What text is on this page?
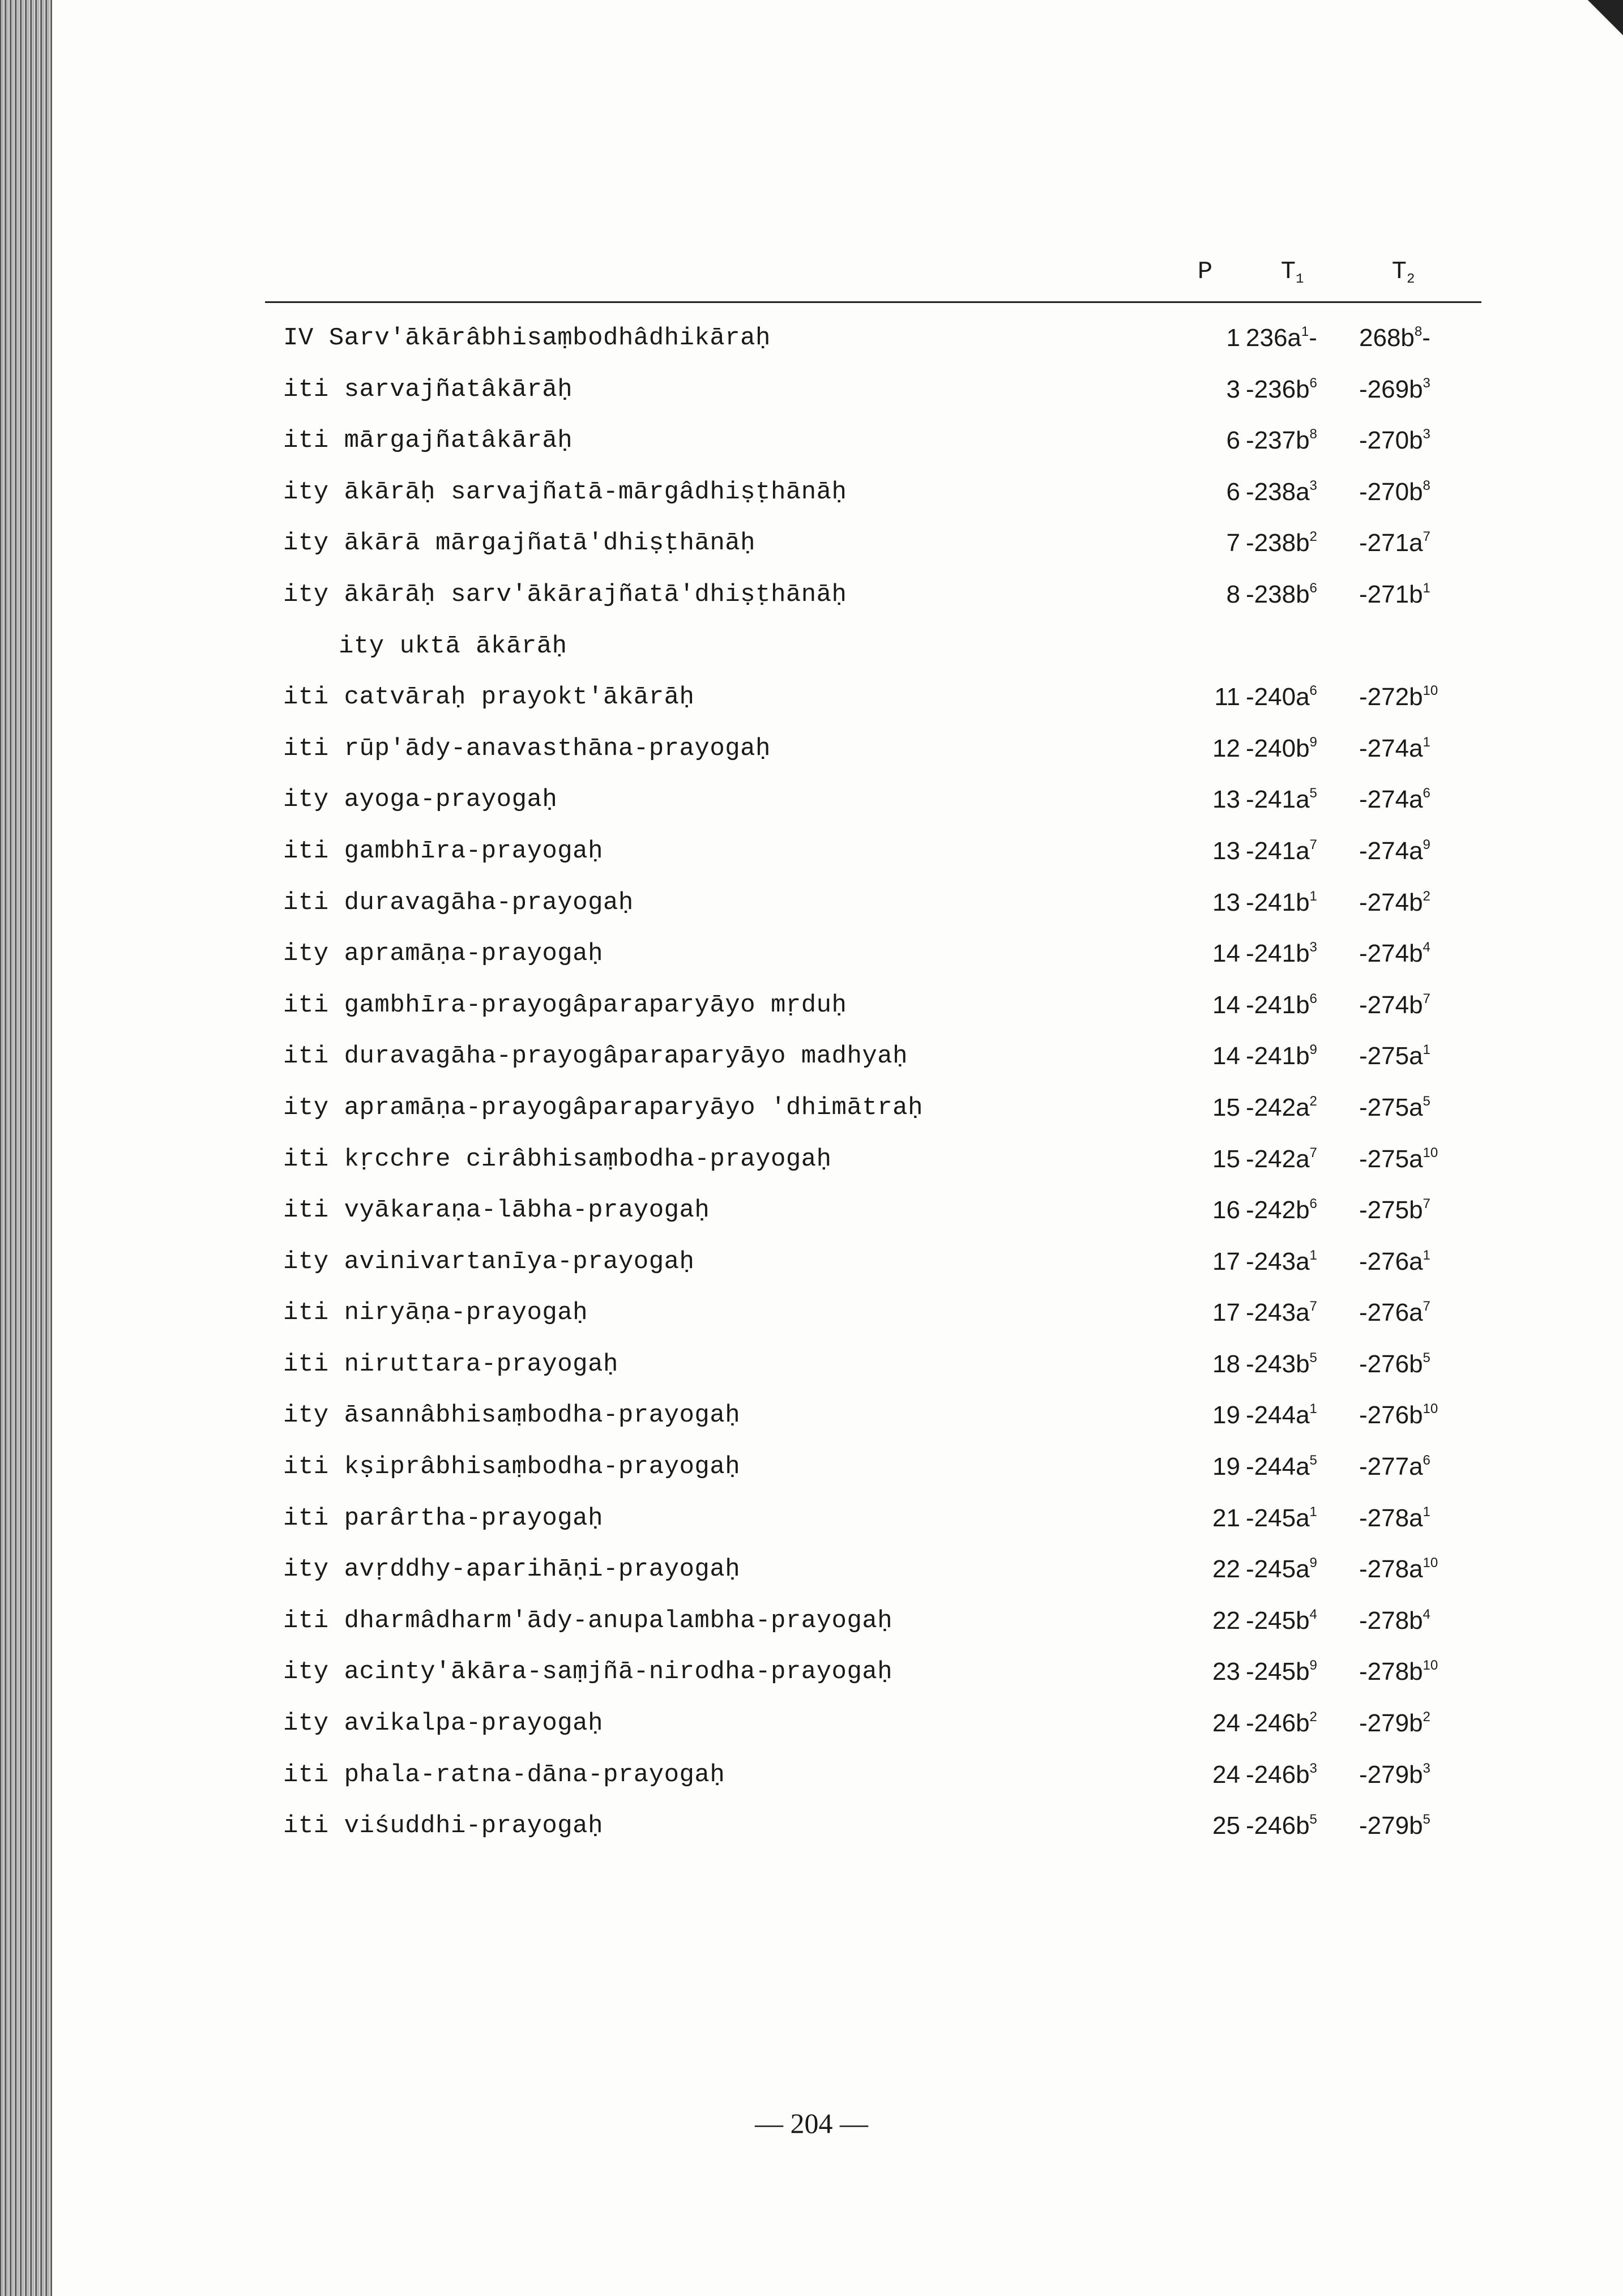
P	$T_1$	$T_2$
IV Sarv'ākārâbhisaṃbodhâdhikāraḥ	1 $236a^1-$	$268b^8-$
iti sarvajñatâkārāḥ	3 $-236b^6$	$-269b^3$
iti mārgajñatâkārāḥ	6 $-237b^8$	$-270b^3$
ity ākārāḥ sarvajñatā-mārgâdhiṣṭhānāḥ	6 $-238a^3$	$-270b^8$
ity ākārā mārgajñatā'dhiṣṭhānāḥ	7 $-238b^2$	$-271a^7$
ity ākārāḥ sarv'ākārajñatā'dhiṣṭhānāḥ	8 $-238b^6$	$-271b^1$
ity uktā ākārāḥ
iti catvāraḥ prayokt'ākārāḥ	11 $-240a^6$	$-272b^{10}$
iti rūp'ādy-anavasthāna-prayogaḥ	12 $-240b^9$	$-274a^1$
ity ayoga-prayogaḥ	13 $-241a^5$	$-274a^6$
iti gambhīra-prayogaḥ	13 $-241a^7$	$-274a^9$
iti duravagāha-prayogaḥ	13 $-241b^1$	$-274b^2$
ity apramāṇa-prayogaḥ	14 $-241b^3$	$-274b^4$
iti gambhīra-prayogâparaparyāyo mṛduḥ	14 $-241b^6$	$-274b^7$
iti duravagāha-prayogâparaparyāyo madhyaḥ	14 $-241b^9$	$-275a^1$
ity apramāṇa-prayogâparaparyāyo 'dhimātraḥ	15 $-242a^2$	$-275a^5$
iti kṛcchre cirâbhisaṃbodha-prayogaḥ	15 $-242a^7$	$-275a^{10}$
iti vyākaraṇa-lābha-prayogaḥ	16 $-242b^6$	$-275b^7$
ity avinivartanīya-prayogaḥ	17 $-243a^1$	$-276a^1$
iti niryāṇa-prayogaḥ	17 $-243a^7$	$-276a^7$
iti niruttara-prayogaḥ	18 $-243b^5$	$-276b^5$
ity āsannâbhisaṃbodha-prayogaḥ	19 $-244a^1$	$-276b^{10}$
iti kṣiprâbhisaṃbodha-prayogaḥ	19 $-244a^5$	$-277a^6$
iti parârtha-prayogaḥ	21 $-245a^1$	$-278a^1$
ity avṛddhy-aparihāṇi-prayogaḥ	22 $-245a^9$	$-278a^{10}$
iti dharmâdharm'ādy-anupalambha-prayogaḥ	22 $-245b^4$	$-278b^4$
ity acinty'ākāra-saṃjñā-nirodha-prayogaḥ	23 $-245b^9$	$-278b^{10}$
ity avikalpa-prayogaḥ	24 $-246b^2$	$-279b^2$
iti phala-ratna-dāna-prayogaḥ	24 $-246b^3$	$-279b^3$
iti viśuddhi-prayogaḥ	25 $-246b^5$	$-279b^5$
— 204 —
